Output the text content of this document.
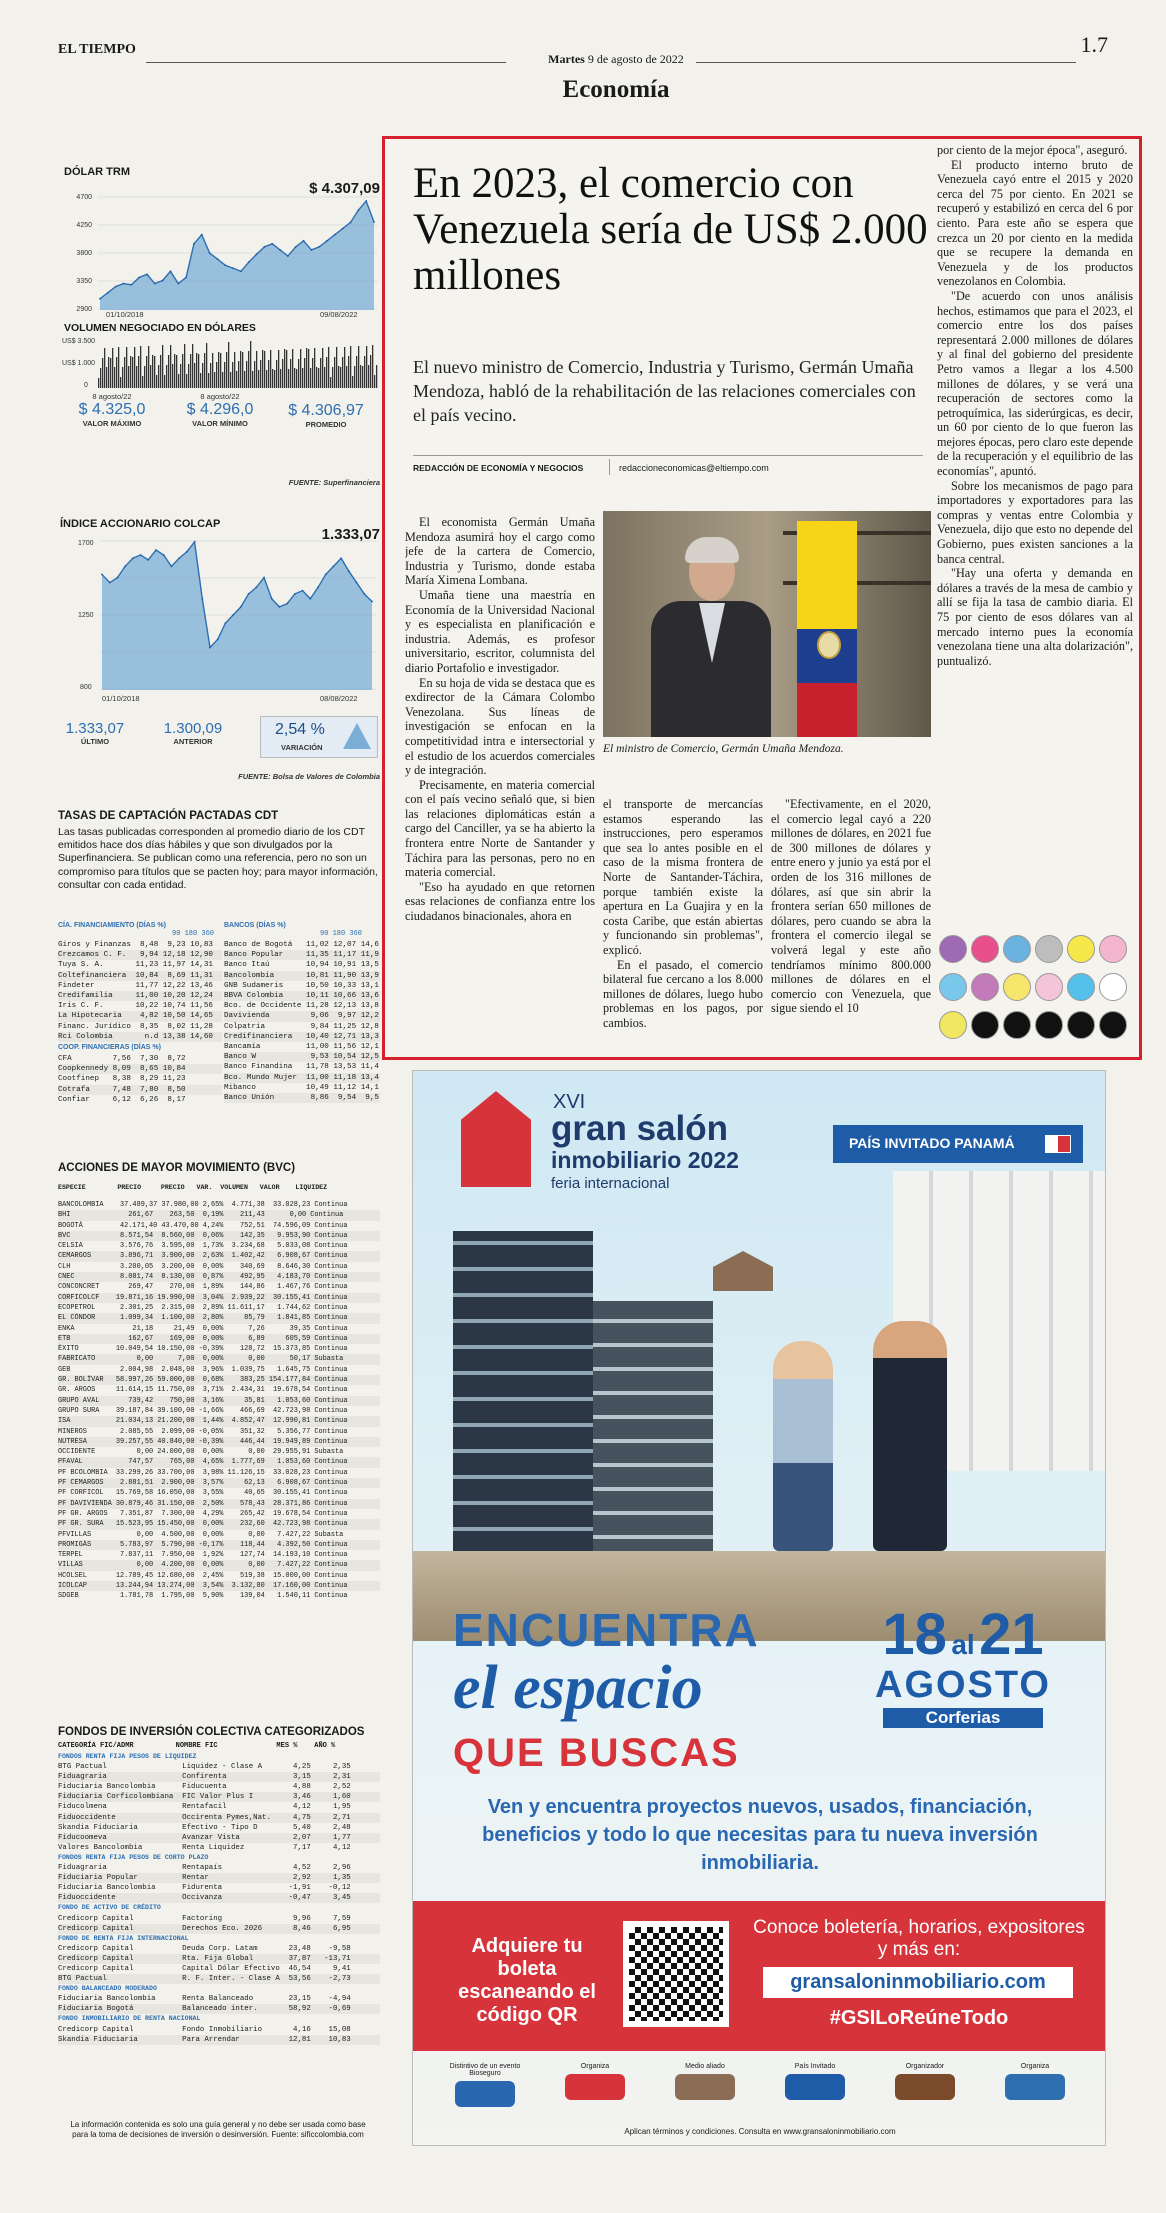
EL TIEMPO
Martes 9 de agosto de 2022
1.7
Economía
DÓLAR TRM
$ 4.307,09
4700
4250
3800
3350
2900
01/10/2018	09/08/2022
VOLUMEN NEGOCIADO EN DÓLARES
US$ 3.500
US$ 1.000
0
8 agosto/22
$ 4.325,0
VALOR MÁXIMO
8 agosto/22
$ 4.296,0
VALOR MÍNIMO
$ 4.306,97
PROMEDIO
FUENTE: Superfinanciera
ÍNDICE ACCIONARIO COLCAP
1.333,07
1700
1250
800
01/10/2018	08/08/2022
1.333,07
ÚLTIMO
1.300,09
ANTERIOR
2,54 %
VARIACIÓN
FUENTE: Bolsa de Valores de Colombia
TASAS DE CAPTACIÓN PACTADAS CDT
Las tasas publicadas corresponden al promedio diario de los CDT emitidos hace dos días hábiles y que son divulgados por la Superfinanciera. Se publican como una referencia, pero no son un compromiso para títulos que se pacten hoy; para mayor información, consultar con cada entidad.
CÍA. FINANCIAMIENTO (DÍAS %)	BANCOS (DÍAS %)
90 180 360	90 180 360
Giros y Finanzas  8,48  9,23 10,83
Crezcamos C. F.   9,94 12,18 12,90
Tuya S. A.       11,23 11,97 14,31
Coltefinanciera  10,84  8,69 11,31
Findeter         11,77 12,22 13,46
Credifamilia     11,00 10,20 12,24
Iris C. F.       10,22 10,74 11,56
La Hipotecaria    4,82 10,50 14,65
Financ. Jurídico  8,35  8,02 11,28
Rci Colombia       n.d 13,38 14,60
COOP. FINANCIERAS (DÍAS %)
CFA         7,56  7,30  8,72
Coopkennedy 8,09  8,65 10,84
Cootfinep   8,38  8,29 11,23
Cotrafa     7,48  7,80  8,50
Confiar     6,12  6,26  8,17
Banco de Bogotá   11,02 12,07 14,6
Banco Popular     11,35 11,17 11,9
Banco Itaú        10,94 10,91 13,5
Bancolombia       10,81 11,90 13,9
GNB Sudameris     10,50 10,33 13,1
BBVA Colombia     10,11 10,66 13,6
Bco. de Occidente 11,28 12,13 13,8
Davivienda         9,06  9,97 12,2
Colpatria          9,84 11,25 12,8
Credifinanciera   10,40 12,71 13,3
Bancamía          11,00 11,56 12,1
Banco W            9,53 10,54 12,5
Banco Finandina   11,78 13,53 11,4
Bco. Mundo Mujer  11,00 11,18 13,4
Mibanco           10,49 11,12 14,1
Banco Unión        8,86  9,54  9,5
ACCIONES DE MAYOR MOVIMIENTO (BVC)
ESPECIE        PRECIO     PRECIO   VAR.  VOLUMEN   VALOR    LIQUIDEZ
BANCOLOMBIA    37.489,37 37.980,00 2,65%  4.771,38  33.028,23 Continua
BHI              261,67    263,50  0,19%    211,43      0,00 Continua
BOGOTÁ         42.171,40 43.470,00 4,24%    752,51  74.596,09 Continua
BVC            8.571,54  8.560,00  0,06%    142,35   9.953,90 Continua
CELSIA         3.576,76  3.595,00  1,73%  3.234,68   5.033,08 Continua
CEMARGOS       3.896,71  3.900,00  2,63%  1.402,42   6.908,67 Continua
CLH            3.200,05  3.200,00  0,00%    340,69   8.646,30 Continua
CNEC           8.081,74  8.130,00  0,87%    492,95   4.183,70 Continua
CONCONCRET       269,47    270,00  1,89%    144,86   1.467,76 Continua
CORFICOLCF    19.871,16 19.990,00  3,04%  2.939,22  30.155,41 Continua
ECOPETROL      2.301,25  2.315,00  2,89% 11.611,17   1.744,62 Continua
EL CÓNDOR      1.099,34  1.100,00  2,80%     85,79   1.841,85 Continua
ENKA              21,18     21,49  0,00%      7,26      39,35 Continua
ETB              162,67    169,00  0,00%      6,89     605,59 Continua
ÉXITO         10.049,54 10.150,00 -0,39%    128,72  15.373,85 Continua
FABRICATO          0,00      7,00  0,00%      0,00      50,17 Subasta
GEB            2.004,98  2.048,00  3,96%  1.039,75   1.645,75 Continua
GR. BOLÍVAR   58.997,26 59.000,00  0,68%    383,25 154.177,84 Continua
GR. ARGOS     11.614,15 11.750,00  3,71%  2.434,31  19.678,54 Continua
GRUPO AVAL       739,42    750,00  3,16%     35,81   1.053,60 Continua
GRUPO SURA    39.187,84 39.100,00 -1,66%    466,69  42.723,98 Continua
ISA           21.034,13 21.200,00  1,44%  4.852,47  12.990,81 Continua
MINEROS        2.085,55  2.099,00 -0,05%    351,32   5.356,77 Continua
NUTRESA       39.257,55 40.840,00 -0,39%    446,44  19.949,89 Continua
OCCIDENTE          0,00 24.000,00  0,00%      0,00  29.955,91 Subasta
PFAVAL           747,57    765,00  4,65%  1.777,69   1.053,60 Continua
PF BCOLOMBIA  33.299,26 33.700,00  3,98% 11.126,15  33.028,23 Continua
PF CEMARGOS    2.881,51  2.900,00  3,57%     62,13   6.908,67 Continua
PF CORFICOL   15.769,58 16.050,00  3,55%     40,65  30.155,41 Continua
PF DAVIVIENDA 30.879,46 31.150,00  2,50%    578,43  28.371,86 Continua
PF GR. ARGOS   7.351,87  7.300,00  4,29%    265,42  19.678,54 Continua
PF GR. SURA   15.523,95 15.450,00  0,00%    232,60  42.723,98 Continua
PFVILLAS           0,00  4.500,00  0,00%      0,00   7.427,22 Subasta
PROMIGÁS       5.783,97  5.790,00 -0,17%    118,44   4.392,50 Continua
TERPEL         7.837,11  7.950,00  1,92%    127,74  14.193,10 Continua
VILLAS             0,00  4.200,00  0,00%      0,00   7.427,22 Continua
HCOLSEL       12.789,45 12.680,00  2,45%    519,38  15.000,00 Continua
ICOLCAP       13.244,94 13.274,00  3,54%  3.132,80  17.160,00 Continua
SDGEB          1.781,78  1.795,00  5,90%    139,04   1.540,11 Continua
FONDOS DE INVERSIÓN COLECTIVA CATEGORIZADOS
CATEGORÍA FIC/ADMR          NOMBRE FIC              MES %    AÑO %
FONDOS RENTA FIJA PESOS DE LIQUIDEZ
BTG Pactual                 Liquidez - Clase A       4,25     2,35
Fiduagraria                 Confirenta               3,15     2,31
Fiduciaria Bancolombia      Fiducuenta               4,88     2,52
Fiduciaria Corficolombiana  FIC Valor Plus I         3,46     1,60
Fiducolmena                 Rentafacil               4,12     1,95
Fiduoccidente               Occirenta Pymes,Nat.     4,75     2,71
Skandia Fiduciaria          Efectivo - Tipo D        5,40     2,48
Fiducoomeva                 Avanzar Vista            2,07     1,77
Valores Bancolombia         Renta Liquidez           7,17     4,12
FONDOS RENTA FIJA PESOS DE CORTO PLAZO
Fiduagraria                 Rentapaís                4,52     2,96
Fiduciaria Popular          Rentar                   2,92     1,35
Fiduciaria Bancolombia      Fidurenta               -1,91    -0,12
Fiduoccidente               Occivanza               -0,47     3,45
FONDO DE ACTIVO DE CRÉDITO
Credicorp Capital           Factoring                9,96     7,59
Credicorp Capital           Derechos Eco. 2026       8,46     6,95
FONDO DE RENTA FIJA INTERNACIONAL
Credicorp Capital           Deuda Corp. Latam       23,48    -9,58
Credicorp Capital           Rta. Fija Global        37,87   -13,71
Credicorp Capital           Capital Dólar Efectivo  46,54     9,41
BTG Pactual                 R. F. Inter. - Clase A  53,56    -2,73
FONDO BALANCEADO MODERADO
Fiduciaria Bancolombia      Renta Balanceado        23,15    -4,94
Fiduciaria Bogotá           Balanceado inter.       58,92    -0,69
FONDO INMOBILIARIO DE RENTA NACIONAL
Credicorp Capital           Fondo Inmobiliario       4,16    15,08
Skandia Fiduciaria          Para Arrendar           12,81    10,83
La información contenida es solo una guía general y no debe ser usada como base para la toma de decisiones de inversión o desinversión. Fuente: sificcolombia.com
En 2023, el comercio con Venezuela sería de US$ 2.000 millones
El nuevo ministro de Comercio, Industria y Turismo, Germán Umaña Mendoza, habló de la rehabilitación de las relaciones comerciales con el país vecino.
REDACCIÓN DE ECONOMÍA Y NEGOCIOS	redaccioneconomicas@eltiempo.com

por ciento de la mejor época", aseguró.

El producto interno bruto de Venezuela cayó entre el 2015 y 2020 cerca del 75 por ciento. En 2021 se recuperó y estabilizó en cerca del 6 por ciento. Para este año se espera que crezca un 20 por ciento en la medida que se recupere la demanda en Venezuela y de los productos venezolanos en Colombia.

"De acuerdo con unos análisis hechos, estimamos que para el 2023, el comercio entre los dos países representará 2.000 millones de dólares y al final del gobierno del presidente Petro vamos a llegar a los 4.500 millones de dólares, y se verá una recuperación de sectores como la petroquímica, las siderúrgicas, es decir, un 60 por ciento de lo que fueron las mejores épocas, pero claro este depende de la recuperación y el equilibrio de las economías", apuntó.

Sobre los mecanismos de pago para importadores y exportadores para las compras y ventas entre Colombia y Venezuela, dijo que esto no depende del Gobierno, pues existen sanciones a la banca central.

"Hay una oferta y demanda en dólares a través de la mesa de cambio y allí se fija la tasa de cambio diaria. El 75 por ciento de esos dólares van al mercado interno pues la economía venezolana tiene una alta dolarización", puntualizó.

El ministro de Comercio, Germán Umaña Mendoza.

El economista Germán Umaña Mendoza asumirá hoy el cargo como jefe de la cartera de Comercio, Industria y Turismo, donde estaba María Ximena Lombana.

Umaña tiene una maestría en Economía de la Universidad Nacional y es especialista en planificación e industria. Además, es profesor universitario, escritor, columnista del diario Portafolio e investigador.

En su hoja de vida se destaca que es exdirector de la Cámara Colombo Venezolana. Sus líneas de investigación se enfocan en la competitividad intra e intersectorial y el estudio de los acuerdos comerciales y de integración.

Precisamente, en materia comercial con el país vecino señaló que, si bien las relaciones diplomáticas están a cargo del Canciller, ya se ha abierto la frontera entre Norte de Santander y Táchira para las personas, pero no en materia comercial.

"Eso ha ayudado en que retornen esas relaciones de confianza entre los ciudadanos binacionales, ahora en

el transporte de mercancías estamos esperando las instrucciones, pero esperamos que sea lo antes posible en el caso de la misma frontera de Norte de Santander-Táchira, porque también existe la apertura en La Guajira y en la costa Caribe, que están abiertas y funcionando sin problemas", explicó.

En el pasado, el comercio bilateral fue cercano a los 8.000 millones de dólares, luego hubo problemas en los pagos, por cambios.

"Efectivamente, en el 2020, el comercio legal cayó a 220 millones de dólares, en 2021 fue de 300 millones de dólares y entre enero y junio ya está por el orden de los 316 millones de dólares, así que sin abrir la frontera serían 650 millones de dólares, pero cuando se abra la frontera el comercio ilegal se volverá legal y este año tendríamos mínimo 800.000 millones de dólares en el comercio con Venezuela, que sigue siendo el 10

XVI
gran salón
inmobiliario 2022
feria internacional
PAÍS INVITADO PANAMÁ
ENCUENTRA
el espacio
QUE BUSCAS
18 al 21
AGOSTO
Corferias
Ven y encuentra proyectos nuevos, usados, financiación, beneficios y todo lo que necesitas para tu nueva inversión inmobiliaria.
Adquiere tu boleta escaneando el código QR
Conoce boletería, horarios, expositores y más en:
gransaloninmobiliario.com
#GSILoReúneTodo
Distintivo de un evento Bioseguro
Organiza	Medio aliado	País Invitado	Organizador	Organiza
Aplican términos y condiciones. Consulta en www.gransaloninmobiliario.com
